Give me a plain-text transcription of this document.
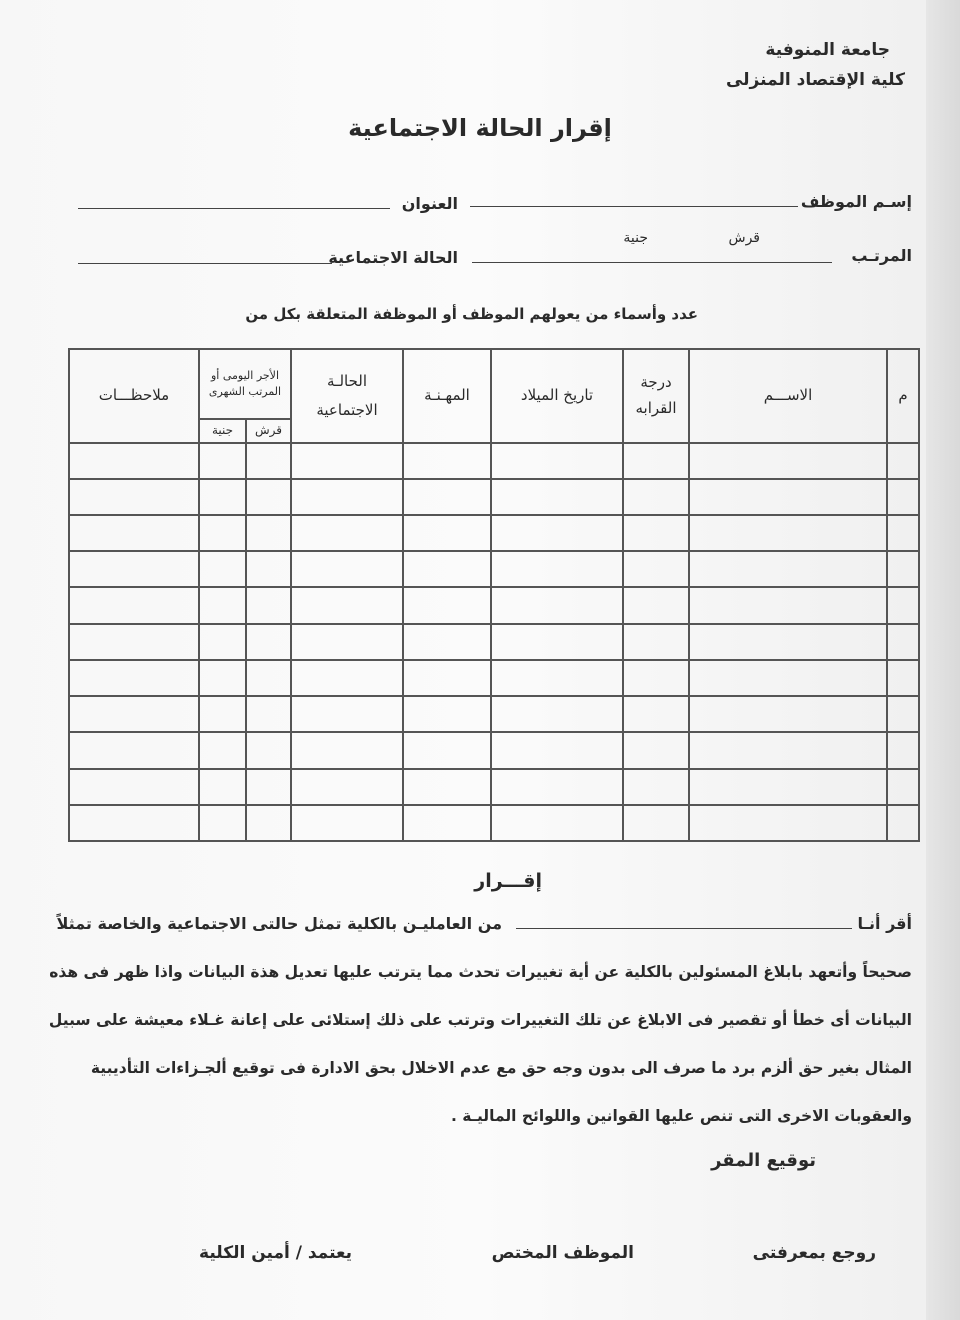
جامعة المنوفية
كلية الإقتصاد المنزلى
إقرار الحالة الاجتماعية
إسـم الموظف
العنوان
قرش
جنية
المرتـب
الحالة الاجتماعية
عدد وأسماء من يعولهم الموظف أو الموظفة المتعلقة بكل من
م	الاســـم	درجة القرابه	تاريخ الميلاد	المهـنـة	الحالـة الاجتماعية	الأجر اليومى أو المرتب الشهرى		ملاحظـــات
						قرش	جنية	

إقـــرار
أقر أنـا
من العامليـن بالكلية تمثل حالتى الاجتماعية والخاصة تمثلاً
صحيحاً وأتعهد بابلاغ المسئولين بالكلية عن أية تغييرات تحدث مما يترتب عليها تعديل هذة البيانات واذا ظهر فى هذه
البيانات أى خطأ أو تقصير فى الابلاغ عن تلك التغييرات وترتب على ذلك إستلائى على إعانة غـلاء معيشة على سبيل
المثال بغير حق ألزم برد ما صرف الى بدون وجه حق مع عدم الاخلال بحق الادارة فى توقيع ألجـزاءات التأديبية
والعقوبات الاخرى التى تنص عليها القوانين واللوائح الماليـة .
توقيع المقر
روجع بمعرفتى
الموظف المختص
يعتمد / أمين الكلية
